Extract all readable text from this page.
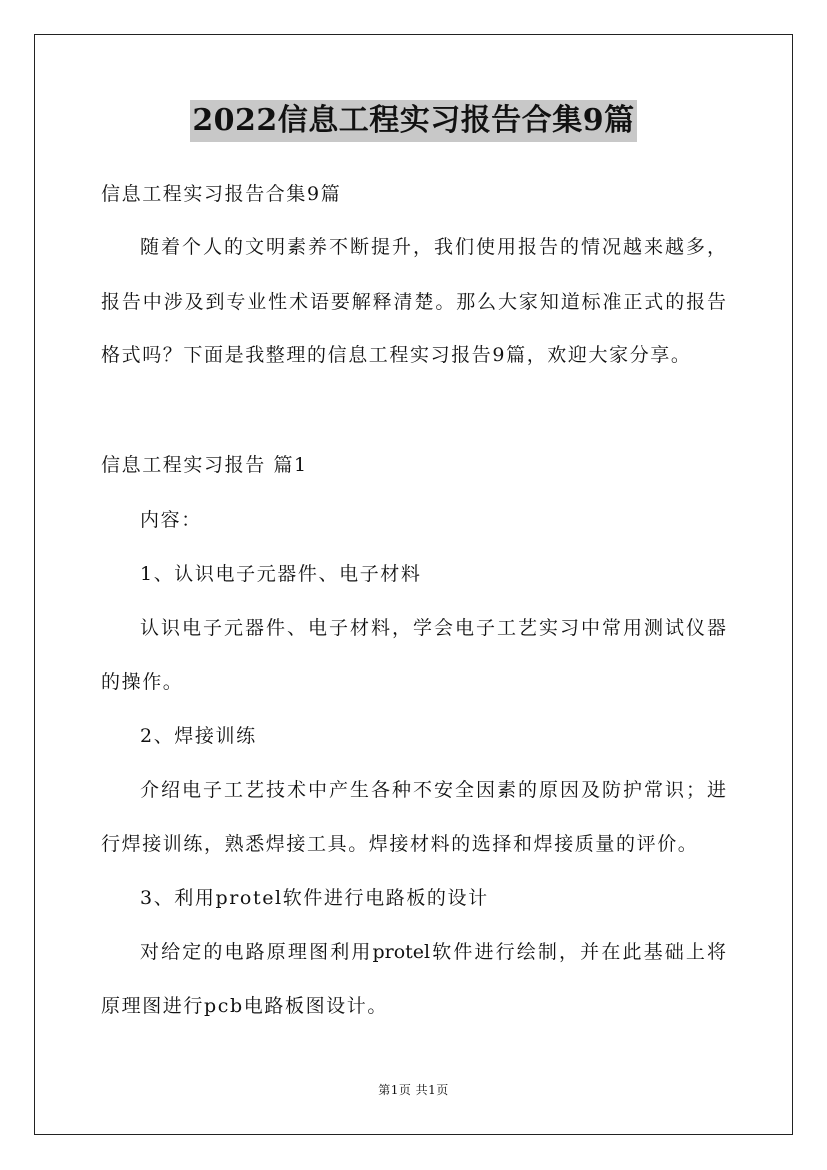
2022信息工程实习报告合集9篇
信息工程实习报告合集9篇
随着个人的文明素养不断提升，我们使用报告的情况越来越多，
报告中涉及到专业性术语要解释清楚。那么大家知道标准正式的报告
格式吗？下面是我整理的信息工程实习报告9篇，欢迎大家分享。
信息工程实习报告 篇1
内容：
1、认识电子元器件、电子材料
认识电子元器件、电子材料，学会电子工艺实习中常用测试仪器
的操作。
2、焊接训练
介绍电子工艺技术中产生各种不安全因素的原因及防护常识；进
行焊接训练，熟悉焊接工具。焊接材料的选择和焊接质量的评价。
3、利用protel软件进行电路板的设计
对给定的电路原理图利用protel软件进行绘制，并在此基础上将
原理图进行pcb电路板图设计。
第1页 共1页
